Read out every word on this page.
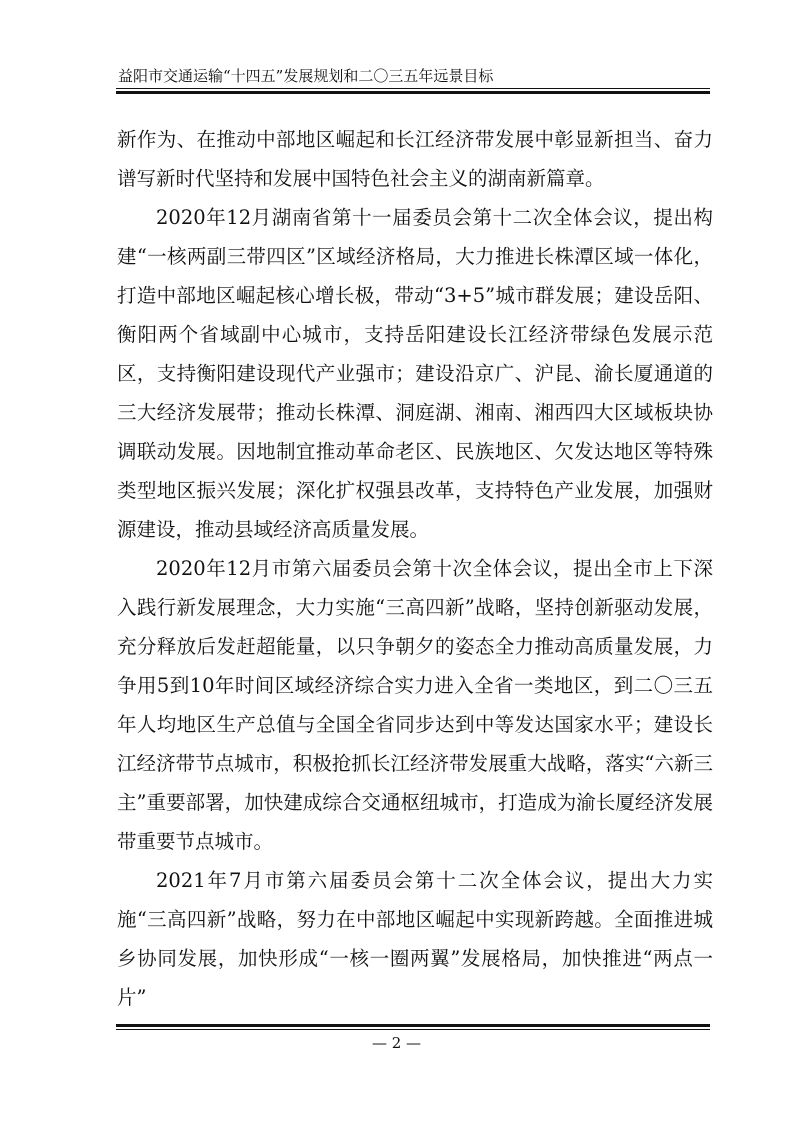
益阳市交通运输“十四五”发展规划和二〇三五年远景目标

新作为、在推动中部地区崛起和长江经济带发展中彰显新担当、奋力谱写新时代坚持和发展中国特色社会主义的湖南新篇章。

2020年12月湖南省第十一届委员会第十二次全体会议，提出构建“一核两副三带四区”区域经济格局，大力推进长株潭区域一体化，打造中部地区崛起核心增长极，带动“3+5”城市群发展；建设岳阳、衡阳两个省域副中心城市，支持岳阳建设长江经济带绿色发展示范区，支持衡阳建设现代产业强市；建设沿京广、沪昆、渝长厦通道的三大经济发展带；推动长株潭、洞庭湖、湘南、湘西四大区域板块协调联动发展。因地制宜推动革命老区、民族地区、欠发达地区等特殊类型地区振兴发展；深化扩权强县改革，支持特色产业发展，加强财源建设，推动县域经济高质量发展。

2020年12月市第六届委员会第十次全体会议，提出全市上下深入践行新发展理念，大力实施“三高四新”战略，坚持创新驱动发展，充分释放后发赶超能量，以只争朝夕的姿态全力推动高质量发展，力争用5到10年时间区域经济综合实力进入全省一类地区，到二〇三五年人均地区生产总值与全国全省同步达到中等发达国家水平；建设长江经济带节点城市，积极抢抓长江经济带发展重大战略，落实“六新三主”重要部署，加快建成综合交通枢纽城市，打造成为渝长厦经济发展带重要节点城市。

2021年7月市第六届委员会第十二次全体会议，提出大力实施“三高四新”战略，努力在中部地区崛起中实现新跨越。全面推进城乡协同发展，加快形成“一核一圈两翼”发展格局，加快推进“两点一片”

— 2 —
